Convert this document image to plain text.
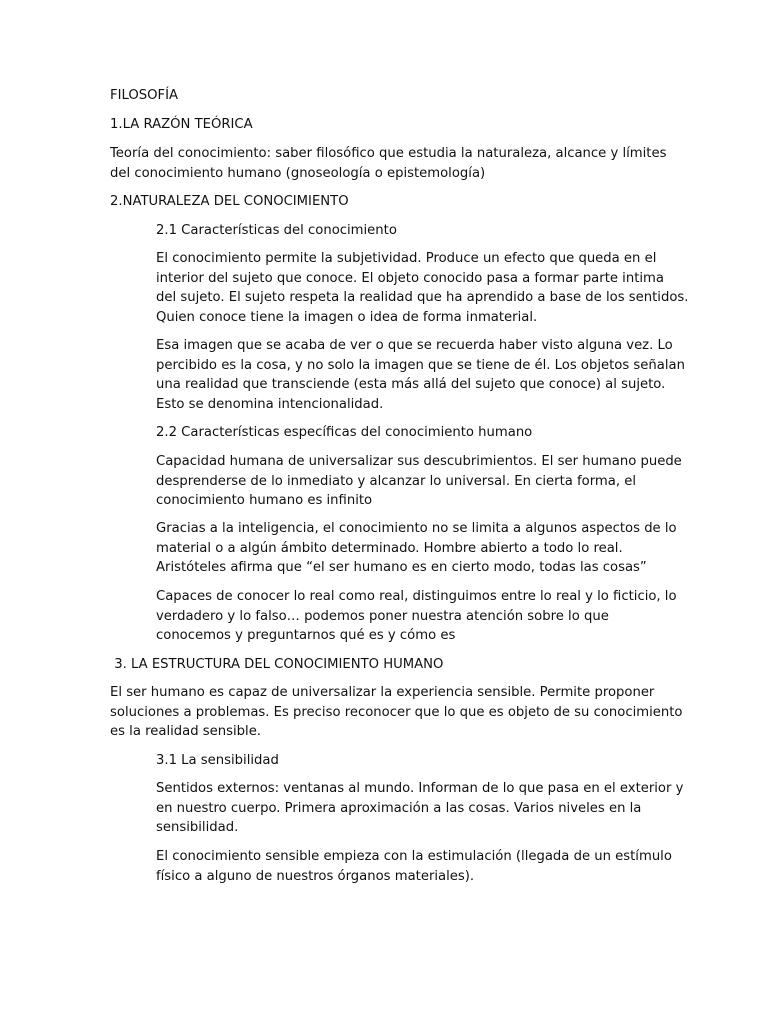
FILOSOFÍA

1.LA RAZÓN TEÓRICA

Teoría del conocimiento: saber filosófico que estudia la naturaleza, alcance y límites

del conocimiento humano (gnoseología o epistemología)

2.NATURALEZA DEL CONOCIMIENTO

2.1 Características del conocimiento

El conocimiento permite la subjetividad. Produce un efecto que queda en el

interior del sujeto que conoce. El objeto conocido pasa a formar parte intima

del sujeto. El sujeto respeta la realidad que ha aprendido a base de los sentidos.

Quien conoce tiene la imagen o idea de forma inmaterial.

Esa imagen que se acaba de ver o que se recuerda haber visto alguna vez. Lo

percibido es la cosa, y no solo la imagen que se tiene de él. Los objetos señalan

una realidad que transciende (esta más allá del sujeto que conoce) al sujeto.

Esto se denomina intencionalidad.

2.2 Características específicas del conocimiento humano

Capacidad humana de universalizar sus descubrimientos. El ser humano puede

desprenderse de lo inmediato y alcanzar lo universal. En cierta forma, el

conocimiento humano es infinito

Gracias a la inteligencia, el conocimiento no se limita a algunos aspectos de lo

material o a algún ámbito determinado. Hombre abierto a todo lo real.

Aristóteles afirma que “el ser humano es en cierto modo, todas las cosas”

Capaces de conocer lo real como real, distinguimos entre lo real y lo ficticio, lo

verdadero y lo falso… podemos poner nuestra atención sobre lo que

conocemos y preguntarnos qué es y cómo es

3. LA ESTRUCTURA DEL CONOCIMIENTO HUMANO

El ser humano es capaz de universalizar la experiencia sensible. Permite proponer

soluciones a problemas. Es preciso reconocer que lo que es objeto de su conocimiento

es la realidad sensible.

3.1 La sensibilidad

Sentidos externos: ventanas al mundo. Informan de lo que pasa en el exterior y

en nuestro cuerpo. Primera aproximación a las cosas. Varios niveles en la

sensibilidad.

El conocimiento sensible empieza con la estimulación (llegada de un estímulo

físico a alguno de nuestros órganos materiales).
